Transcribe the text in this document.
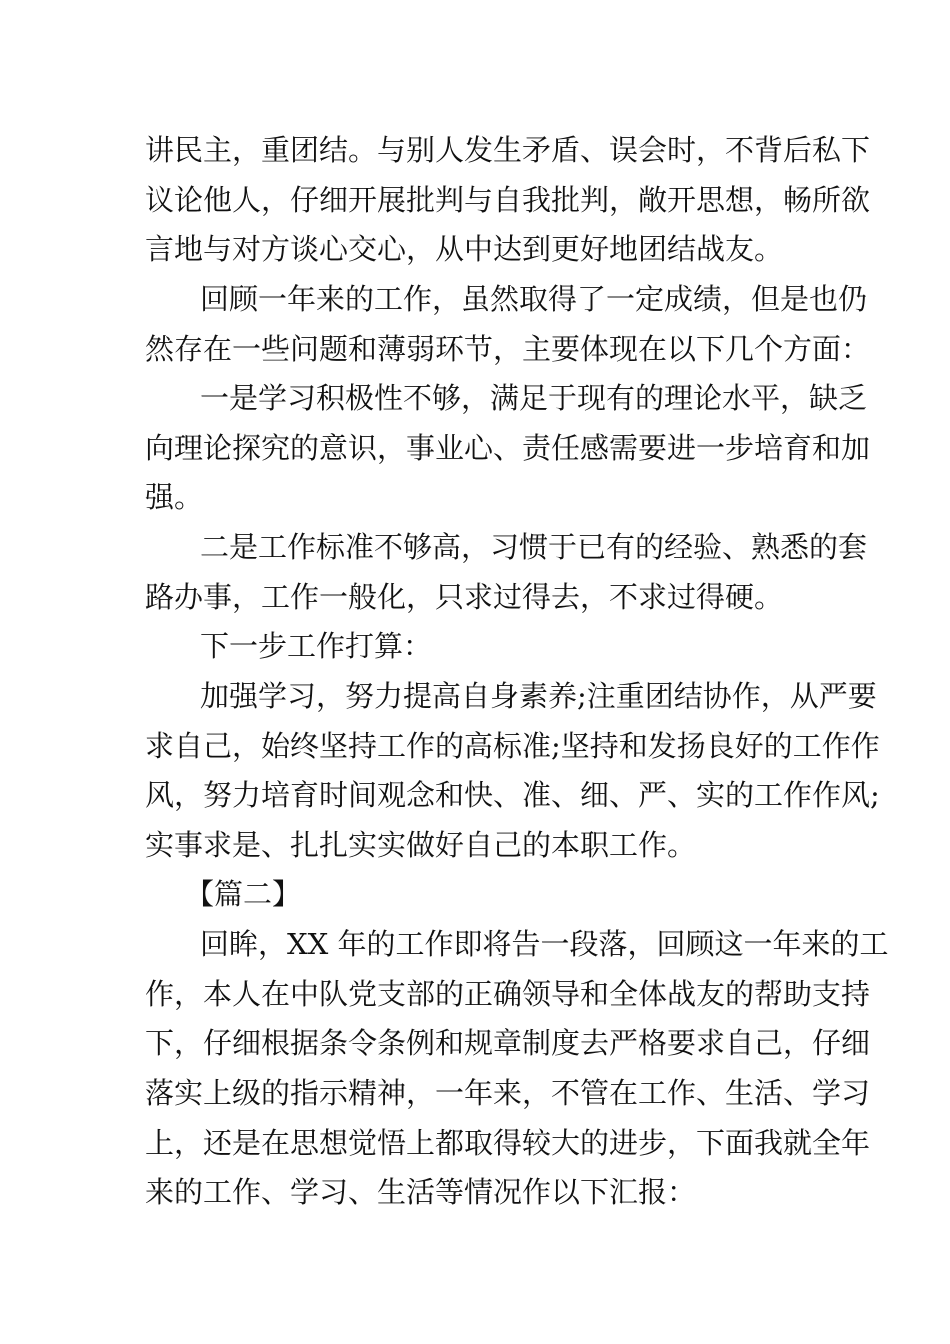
讲民主，重团结。与别人发生矛盾、误会时，不背后私下
议论他人，仔细开展批判与自我批判，敞开思想，畅所欲
言地与对方谈心交心，从中达到更好地团结战友。
回顾一年来的工作，虽然取得了一定成绩，但是也仍
然存在一些问题和薄弱环节，主要体现在以下几个方面：
一是学习积极性不够，满足于现有的理论水平，缺乏
向理论探究的意识，事业心、责任感需要进一步培育和加
强。
二是工作标准不够高，习惯于已有的经验、熟悉的套
路办事，工作一般化，只求过得去，不求过得硬。
下一步工作打算：
加强学习，努力提高自身素养;注重团结协作，从严要
求自己，始终坚持工作的高标准;坚持和发扬良好的工作作
风，努力培育时间观念和快、准、细、严、实的工作作风;
实事求是、扎扎实实做好自己的本职工作。
【篇二】
回眸，XX 年的工作即将告一段落，回顾这一年来的工
作，本人在中队党支部的正确领导和全体战友的帮助支持
下，仔细根据条令条例和规章制度去严格要求自己，仔细
落实上级的指示精神，一年来，不管在工作、生活、学习
上，还是在思想觉悟上都取得较大的进步，下面我就全年
来的工作、学习、生活等情况作以下汇报：
